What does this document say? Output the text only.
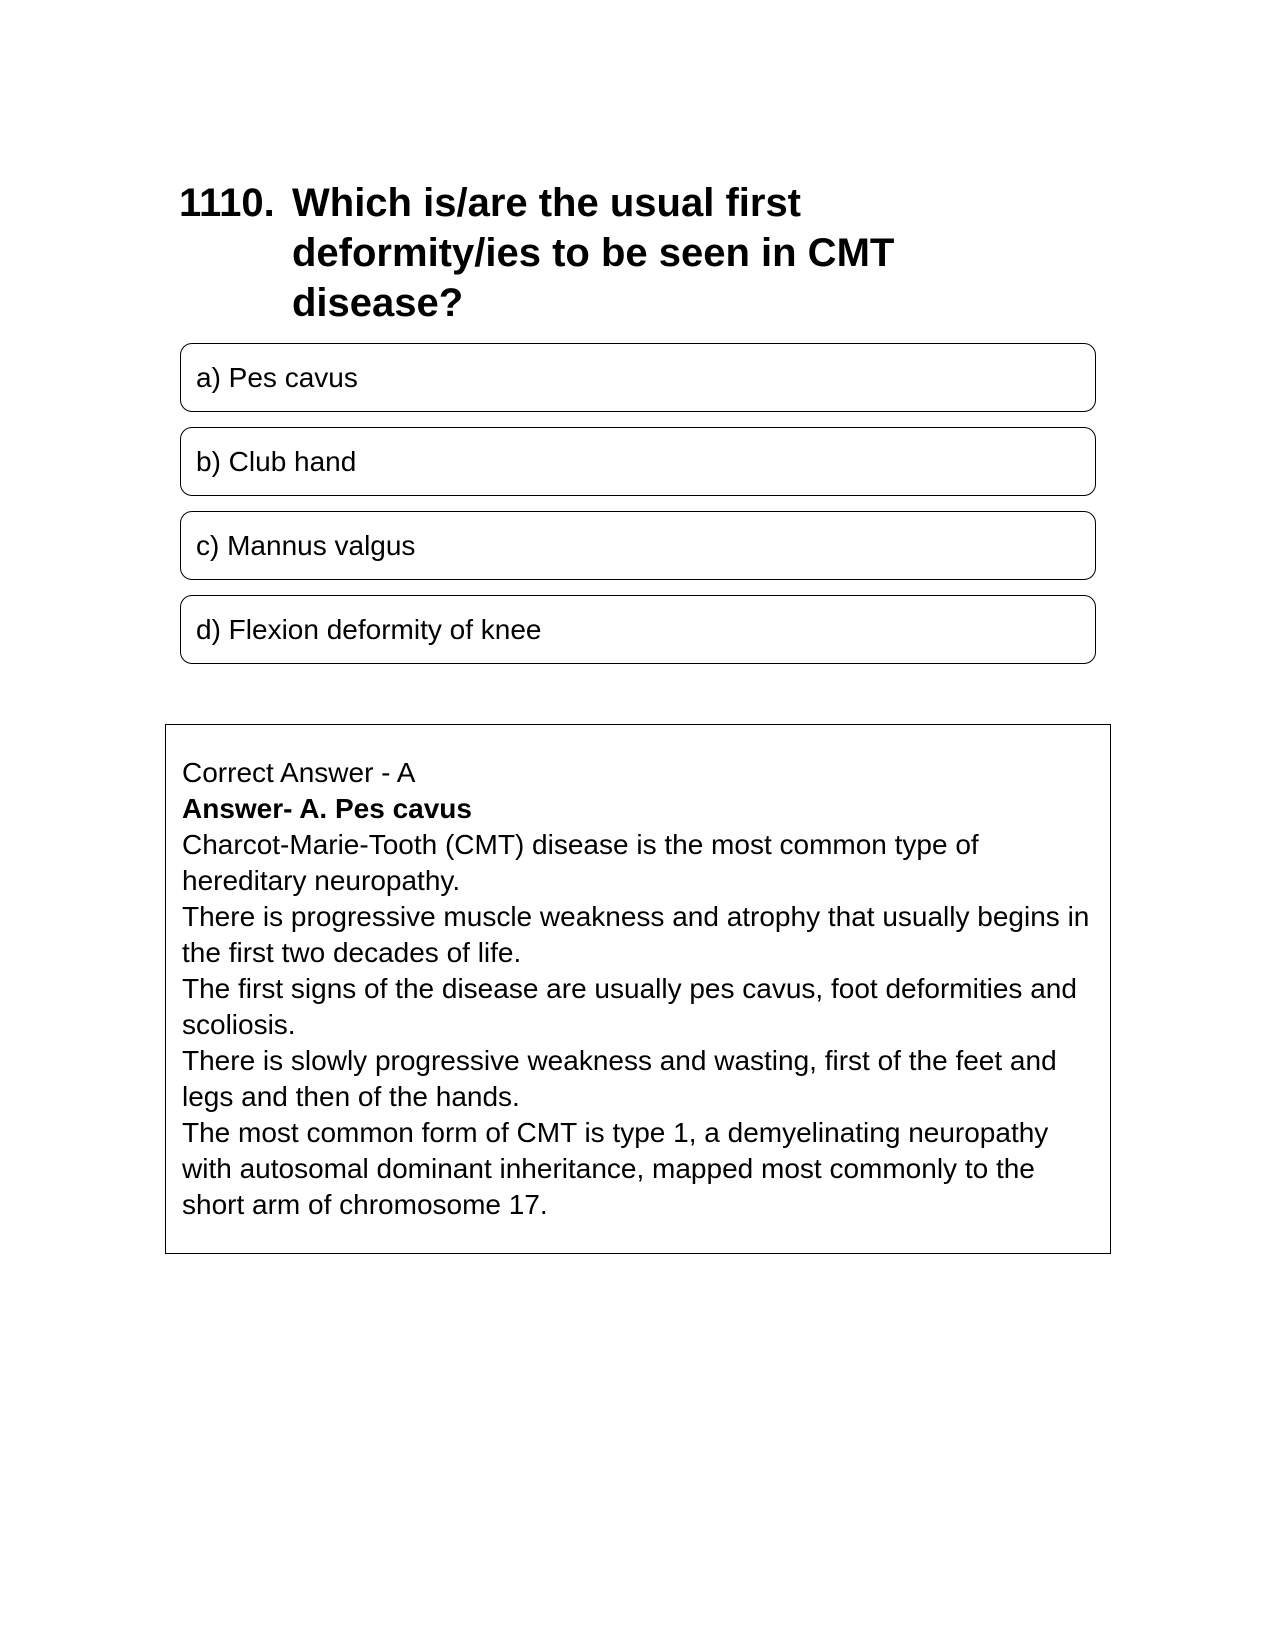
1110. Which is/are the usual first deformity/ies to be seen in CMT disease?
a) Pes cavus
b) Club hand
c) Mannus valgus
d) Flexion deformity of knee

Correct Answer - A

Answer- A. Pes cavus

Charcot-Marie-Tooth (CMT) disease is the most common type of hereditary neuropathy.

There is progressive muscle weakness and atrophy that usually begins in the first two decades of life.

The first signs of the disease are usually pes cavus, foot deformities and scoliosis.

There is slowly progressive weakness and wasting, first of the feet and legs and then of the hands.

The most common form of CMT is type 1, a demyelinating neuropathy with autosomal dominant inheritance, mapped most commonly to the short arm of chromosome 17.
